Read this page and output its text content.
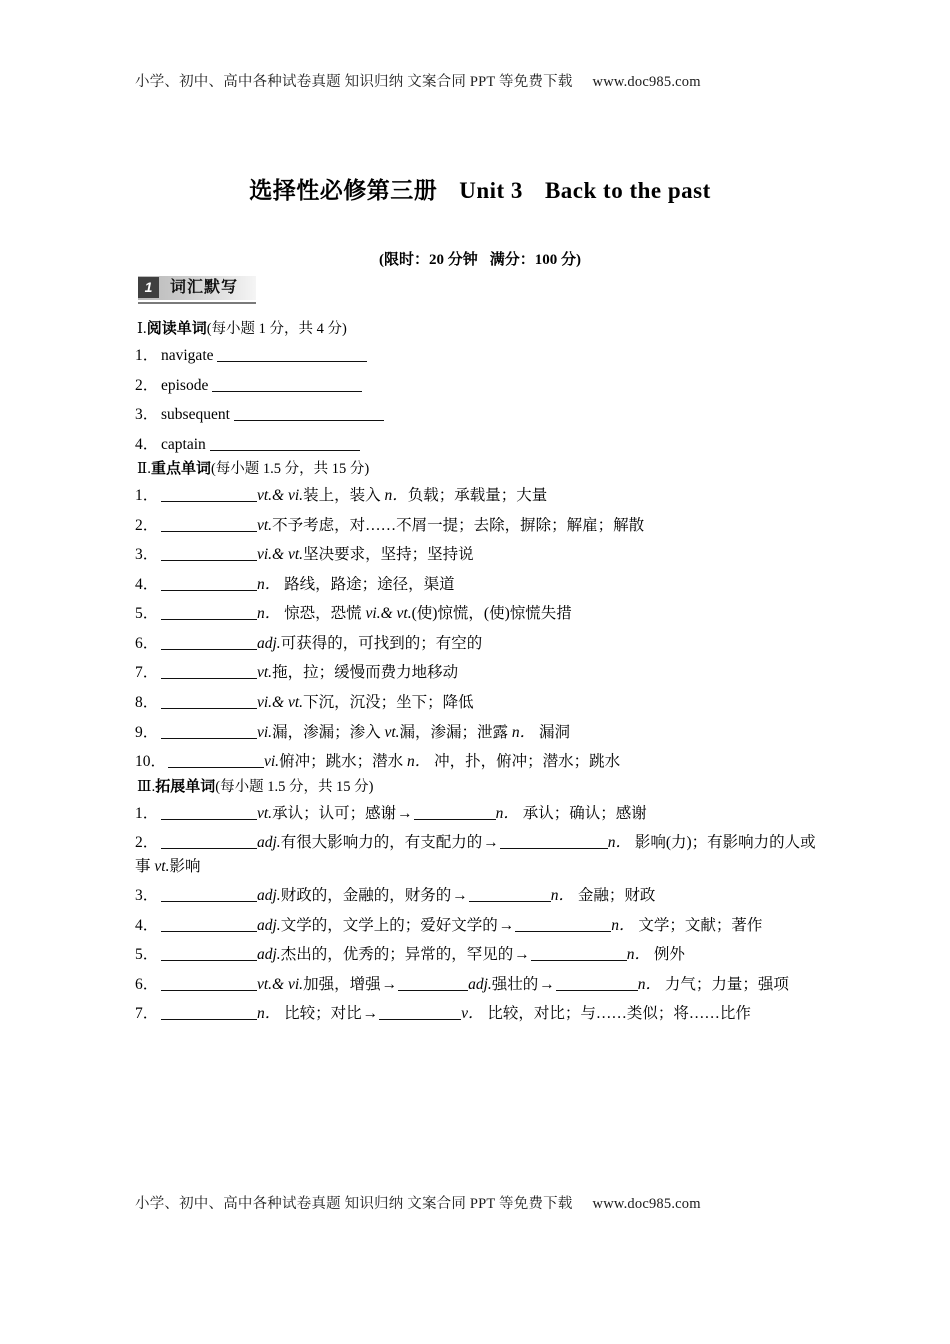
小学、初中、高中各种试卷真题 知识归纳 文案合同 PPT 等免费下载 www.doc985.com
选择性必修第三册 Unit 3 Back to the past
(限时：20 分钟 满分：100 分)
1	词汇默写
Ⅰ.阅读单词(每小题 1 分，共 4 分)
1． navigate
2． episode
3． subsequent
4． captain
Ⅱ.重点单词(每小题 1.5 分，共 15 分)
1．	vt.& vi.装上，装入 n．负载；承载量；大量
2．	vt.不予考虑，对……不屑一提；去除，摒除；解雇；解散
3．	vi.& vt.坚决要求，坚持；坚持说
4．	n． 路线，路途；途径，渠道
5．	n． 惊恐，恐慌 vi.& vt.(使)惊慌，(使)惊慌失措
6．	adj.可获得的，可找到的；有空的
7．	vt.拖，拉；缓慢而费力地移动
8．	vi.& vt.下沉，沉没；坐下；降低
9．	vi.漏，渗漏；渗入 vt.漏，渗漏；泄露 n． 漏洞
10．	vi.俯冲；跳水；潜水 n． 冲，扑，俯冲；潜水；跳水
Ⅲ.拓展单词(每小题 1.5 分，共 15 分)
1．	vt.承认；认可；感谢→	n． 承认；确认；感谢
2．	adj.有很大影响力的，有支配力的→	n． 影响(力)；有影响力的人或事 vt.影响
3．	adj.财政的，金融的，财务的→	n． 金融；财政
4．	adj.文学的，文学上的；爱好文学的→	n． 文学；文献；著作
5．	adj.杰出的，优秀的；异常的，罕见的→	n． 例外
6．	vt.& vi.加强，增强→	adj.强壮的→	n． 力气；力量；强项
7．	n． 比较；对比→	v． 比较，对比；与……类似；将……比作
小学、初中、高中各种试卷真题 知识归纳 文案合同 PPT 等免费下载 www.doc985.com
